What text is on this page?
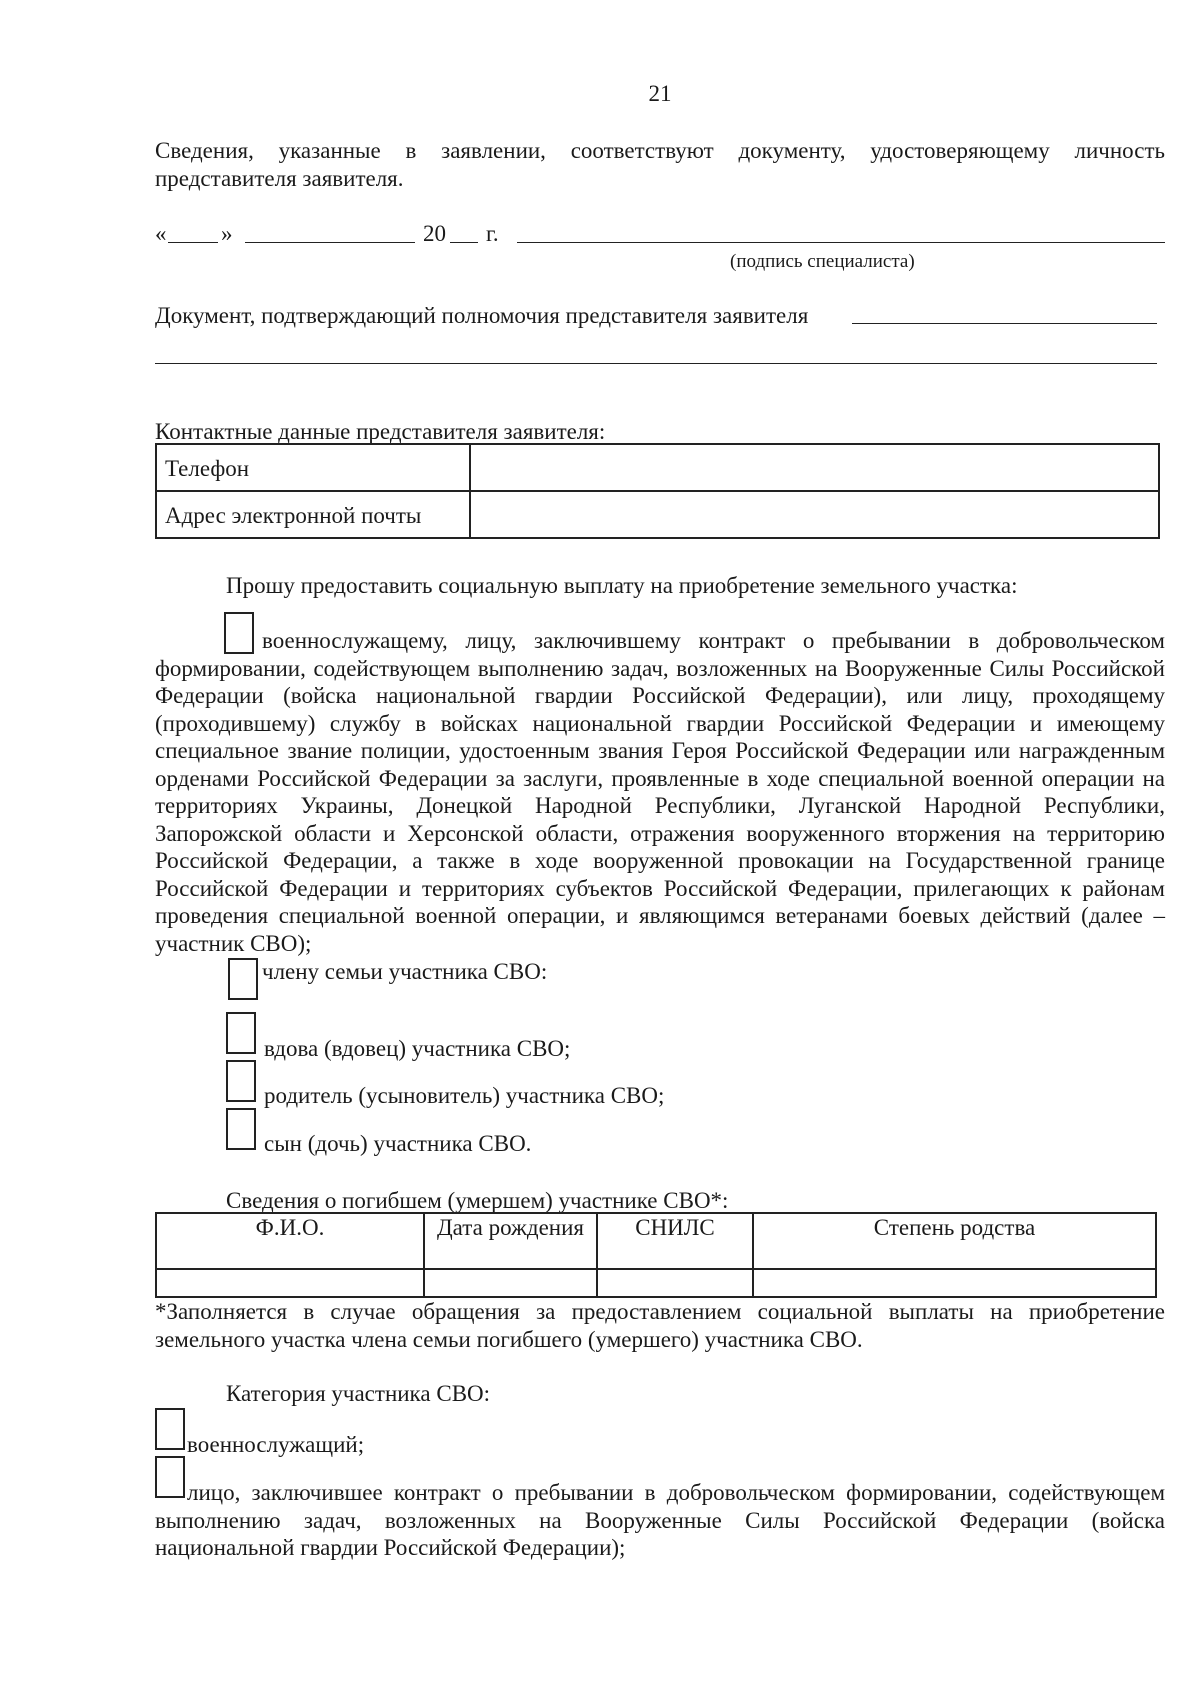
21

Сведения, указанные в заявлении, соответствуют документу, удостоверяющему личность представителя заявителя.

« »	20 г.
(подпись специалиста)
Документ, подтверждающий полномочия представителя заявителя
Контактные данные представителя заявителя:
Телефон	
Адрес электронной почты	
Прошу предоставить социальную выплату на приобретение земельного участка:

военнослужащему, лицу, заключившему контракт о пребывании в добровольческом формировании, содействующем выполнению задач, возложенных на Вооруженные Силы Российской Федерации (войска национальной гвардии Российской Федерации), или лицу, проходящему (проходившему) службу в войсках национальной гвардии Российской Федерации и имеющему специальное звание полиции, удостоенным звания Героя Российской Федерации или награжденным орденами Российской Федерации за заслуги, проявленные в ходе специальной военной операции на территориях Украины, Донецкой Народной Республики, Луганской Народной Республики, Запорожской области и Херсонской области, отражения вооруженного вторжения на территорию Российской Федерации, а также в ходе вооруженной провокации на Государственной границе Российской Федерации и территориях субъектов Российской Федерации, прилегающих к районам проведения специальной военной операции, и являющимся ветеранами боевых действий (далее – участник СВО);

члену семьи участника СВО:
вдова (вдовец) участника СВО;
родитель (усыновитель) участника СВО;
сын (дочь) участника СВО.
Сведения о погибшем (умершем) участнике СВО*:
Ф.И.О.	Дата рождения	СНИЛС	Степень родства

*Заполняется в случае обращения за предоставлением социальной выплаты на приобретение земельного участка члена семьи погибшего (умершего) участника СВО.

Категория участника СВО:
военнослужащий;

лицо, заключившее контракт о пребывании в добровольческом формировании, содействующем выполнению задач, возложенных на Вооруженные Силы Российской Федерации (войска национальной гвардии Российской Федерации);
